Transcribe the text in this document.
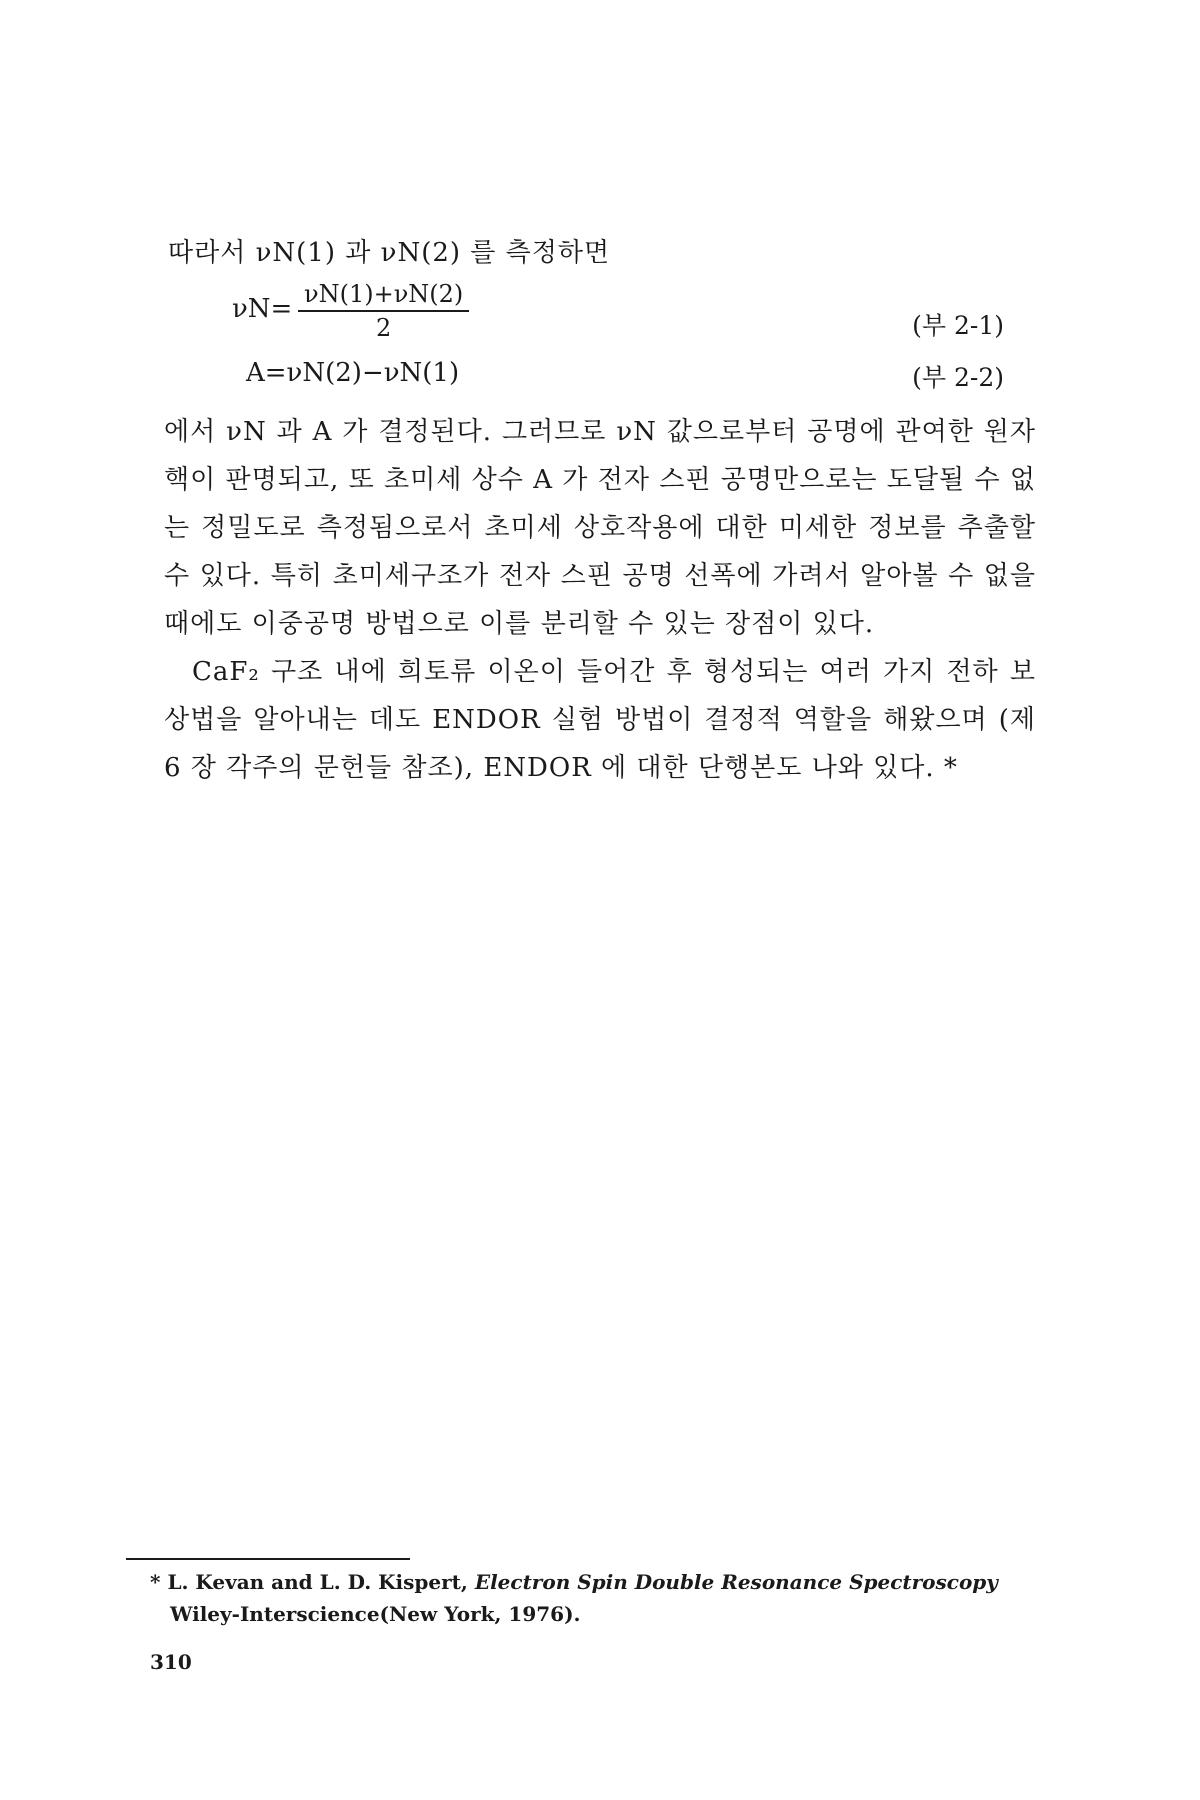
따라서 νN(1) 과 νN(2) 를 측정하면
$\nu N= \frac{\nu N(1)+\nu N(2)}{2}$	(부 2-1)
A=νN(2)−νN(1)	(부 2-2)

에서 νN 과 A 가 결정된다. 그러므로 νN 값으로부터 공명에 관여한 원자핵이 판명되고, 또 초미세 상수 A 가 전자 스핀 공명만으로는 도달될 수 없는 정밀도로 측정됨으로서 초미세 상호작용에 대한 미세한 정보를 추출할 수 있다. 특히 초미세구조가 전자 스핀 공명 선폭에 가려서 알아볼 수 없을 때에도 이중공명 방법으로 이를 분리할 수 있는 장점이 있다.

CaF₂ 구조 내에 희토류 이온이 들어간 후 형성되는 여러 가지 전하 보상법을 알아내는 데도 ENDOR 실험 방법이 결정적 역할을 해왔으며 (제 6 장 각주의 문헌들 참조), ENDOR 에 대한 단행본도 나와 있다. *

* L. Kevan and L. D. Kispert, Electron Spin Double Resonance Spectroscopy
Wiley-Interscience(New York, 1976).
310
